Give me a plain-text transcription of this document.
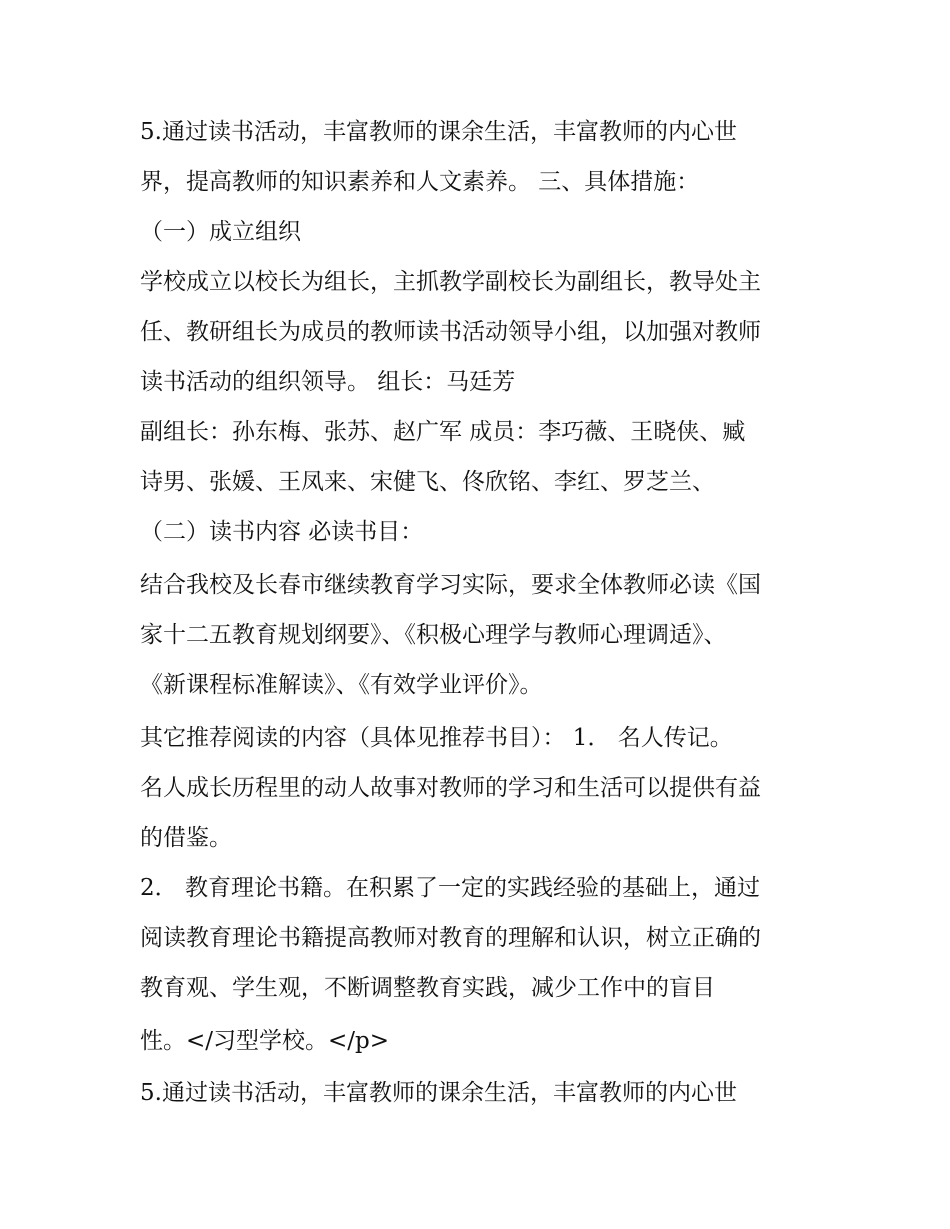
5.通过读书活动，丰富教师的课余生活，丰富教师的内心世
界，提高教师的知识素养和人文素养。 三、具体措施：
（一）成立组织
学校成立以校长为组长，主抓教学副校长为副组长，教导处主
任、教研组长为成员的教师读书活动领导小组，以加强对教师
读书活动的组织领导。 组长：马廷芳
副组长：孙东梅、张苏、赵广军 成员：李巧薇、王晓侠、臧
诗男、张媛、王凤来、宋健飞、佟欣铭、李红、罗芝兰、
（二）读书内容 必读书目：
结合我校及长春市继续教育学习实际，要求全体教师必读《国
家十二五教育规划纲要》、《积极心理学与教师心理调适》、
《新课程标准解读》、《有效学业评价》。
其它推荐阅读的内容（具体见推荐书目）： 1． 名人传记。
名人成长历程里的动人故事对教师的学习和生活可以提供有益
的借鉴。
2． 教育理论书籍。在积累了一定的实践经验的基础上，通过
阅读教育理论书籍提高教师对教育的理解和认识，树立正确的
教育观、学生观，不断调整教育实践，减少工作中的盲目
性。</习型学校。</p>
5.通过读书活动，丰富教师的课余生活，丰富教师的内心世
